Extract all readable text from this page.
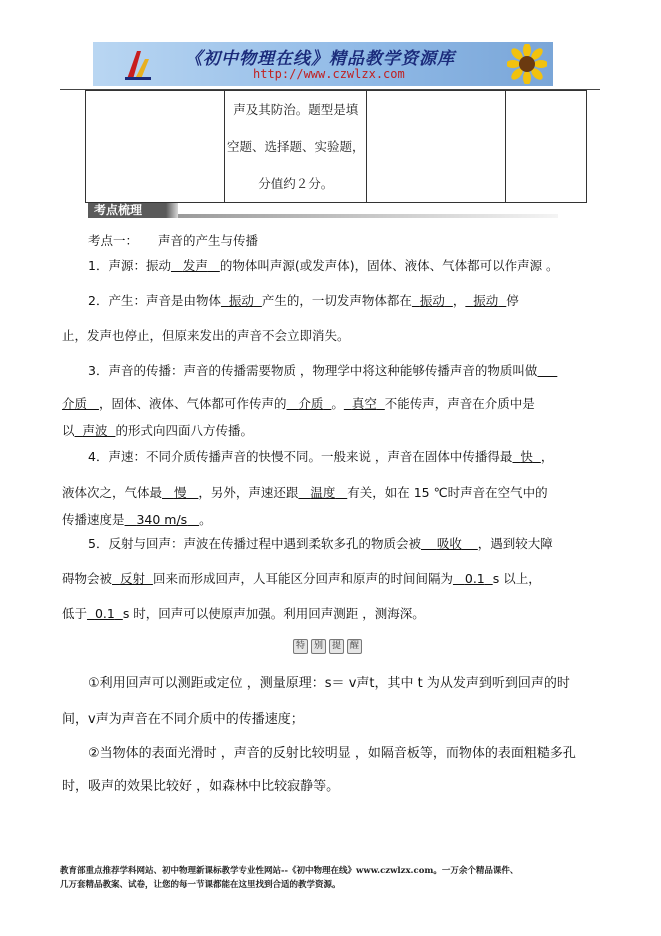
《初中物理在线》精品教学资源库
http://www.czwlzx.com

声及其防治。题型是填
空题、选择题、实验题，
分值约２分。

考点梳理
考点一： 声音的产生与传播
1．声源：振动 发声 的物体叫声源(或发声体)，固体、液体、气体都可以作声源 。
2．产生：声音是由物体 振动 产生的，一切发声物体都在 振动 ， 振动 停
止，发声也停止，但原来发出的声音不会立即消失。
3．声音的传播：声音的传播需要物质 ，物理学中将这种能够传播声音的物质叫做
介质 ，固体、液体、气体都可作传声的 介质 。 真空 不能传声，声音在介质中是
以 声波 的形式向四面八方传播。
4．声速：不同介质传播声音的快慢不同。一般来说 ，声音在固体中传播得最 快 ，
液体次之，气体最 慢 ，另外，声速还跟 温度 有关，如在 15 ℃时声音在空气中的
传播速度是 340 m/s 。
5．反射与回声：声波在传播过程中遇到柔软多孔的物质会被 吸收 ，遇到较大障
碍物会被 反射 回来而形成回声，人耳能区分回声和原声的时间间隔为 0.1 s 以上，
低于 0.1 s 时，回声可以使原声加强。利用回声测距 ，测海深。
特 别 提 醒
①利用回声可以测距或定位 ，测量原理：s＝ v声t，其中 t 为从发声到听到回声的时
间，v声为声音在不同介质中的传播速度；
②当物体的表面光滑时 ，声音的反射比较明显 ，如隔音板等，而物体的表面粗糙多孔
时，吸声的效果比较好 ，如森林中比较寂静等。
教育部重点推荐学科网站、初中物理新课标教学专业性网站--《初中物理在线》www.czwlzx.com。一万余个精品课件、
几万套精品教案、试卷，让您的每一节课都能在这里找到合适的教学资源。
